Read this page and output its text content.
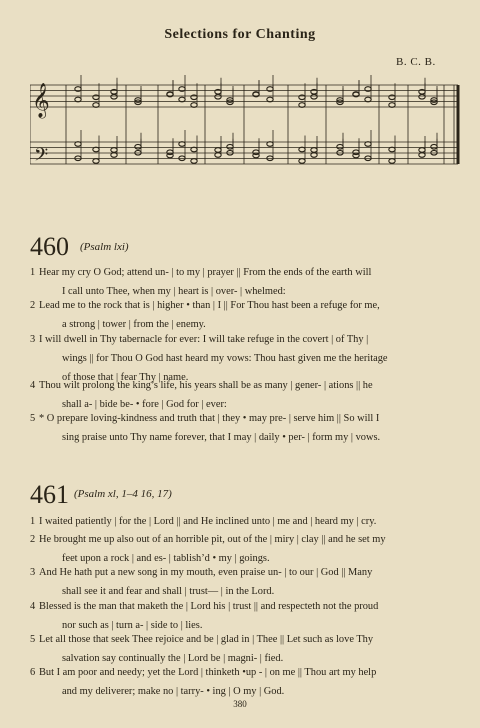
Selections for Chanting
B. C. B.
𝄞
𝄢
460 (Psalm lxi)
1 Hear my cry O God; attend un- | to my | prayer || From the ends of the earth will
I call unto Thee, when my | heart is | over- | whelmed:
2 Lead me to the rock that is | higher • than | I || For Thou hast been a refuge for me,
a strong | tower | from the | enemy.
3 I will dwell in Thy tabernacle for ever: I will take refuge in the covert | of Thy |
wings || for Thou O God hast heard my vows: Thou hast given me the heritage
of those that | fear Thy | name.
4 Thou wilt prolong the king’s life, his years shall be as many | gener- | ations || he
shall a- | bide be- • fore | God for | ever:
5 * O prepare loving-kindness and truth that | they • may pre- | serve him || So will I
sing praise unto Thy name forever, that I may | daily • per- | form my | vows.
461 (Psalm xl, 1–4 16, 17)
1 I waited patiently | for the | Lord || and He inclined unto | me and | heard my | cry.
2 He brought me up also out of an horrible pit, out of the | miry | clay || and he set my
feet upon a rock | and es- | tablish’d • my | goings.
3 And He hath put a new song in my mouth, even praise un- | to our | God || Many
shall see it and fear and shall | trust— | in the Lord.
4 Blessed is the man that maketh the | Lord his | trust || and respecteth not the proud
nor such as | turn a- | side to | lies.
5 Let all those that seek Thee rejoice and be | glad in | Thee || Let such as love Thy
salvation say continually the | Lord be | magni- | fied.
6 But I am poor and needy; yet the Lord | thinketh •up - | on me || Thou art my help
and my deliverer; make no | tarry- • ing | O my | God.
380
